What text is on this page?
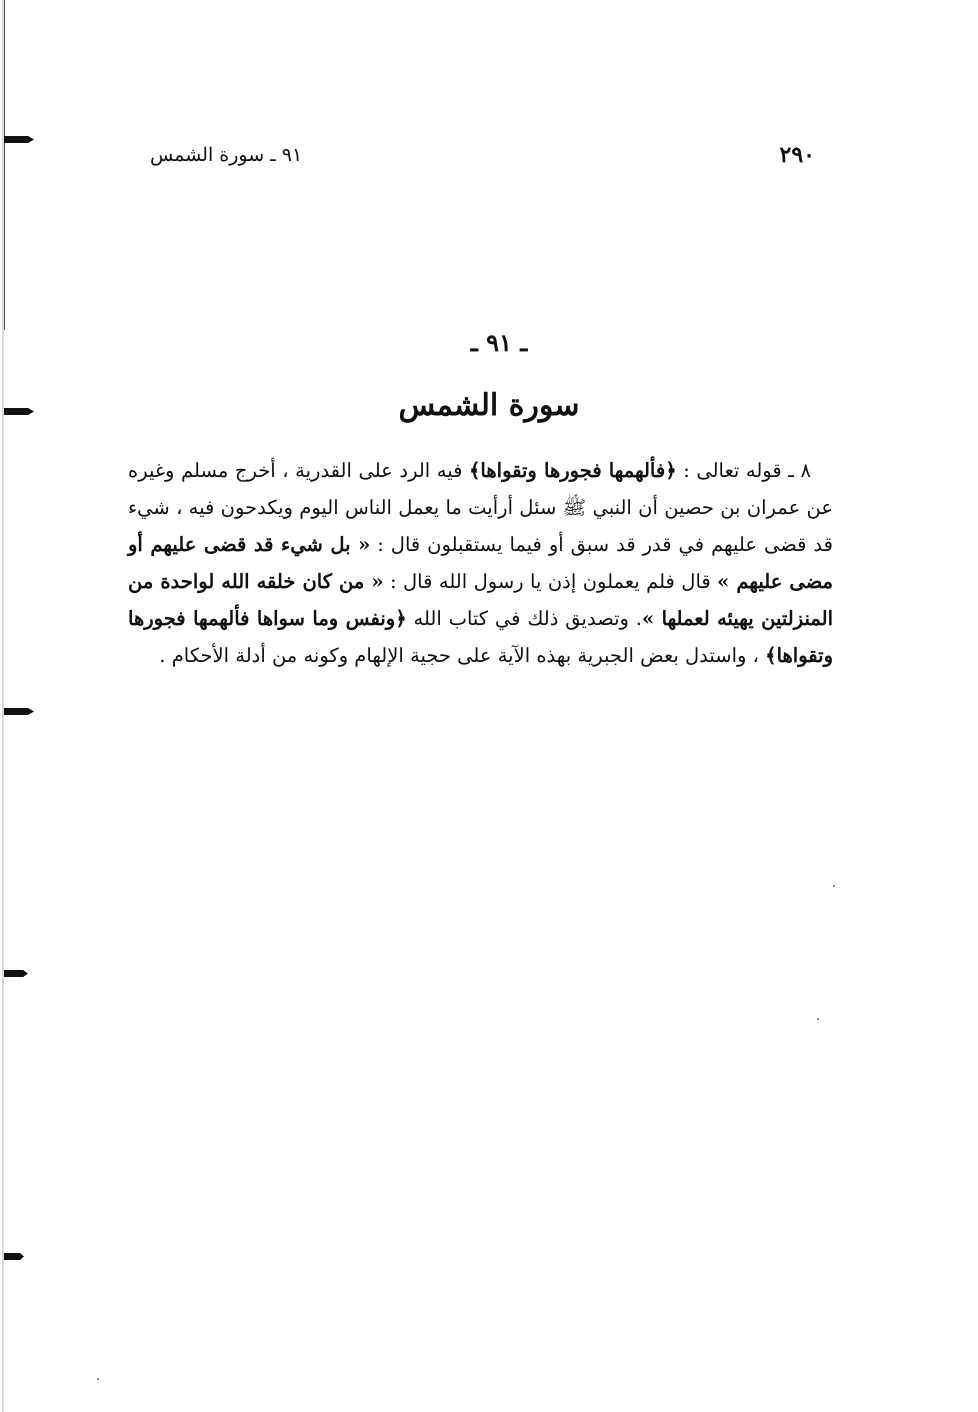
٢٩٠
٩١ ـ سورة الشمس
ـ ٩١ ـ
سورة الشمس

٨ ـ قوله تعالى : ﴿فألهمها فجورها وتقواها﴾ فيه الرد على القدرية ، أخرج مسلم وغيره عن عمران بن حصين أن النبي ﷺ سئل أرأيت ما يعمل الناس اليوم ويكدحون فيه ، شيء قد قضى عليهم في قدر قد سبق أو فيما يستقبلون قال : « بل شيء قد قضى عليهم أو مضى عليهم » قال فلم يعملون إذن يا رسول الله قال : « من كان خلقه الله لواحدة من المنزلتين يهيئه لعملها ». وتصديق ذلك في كتاب الله ﴿ونفس وما سواها فألهمها فجورها وتقواها﴾ ، واستدل بعض الجبرية بهذه الآية على حجية الإلهام وكونه من أدلة الأحكام .
